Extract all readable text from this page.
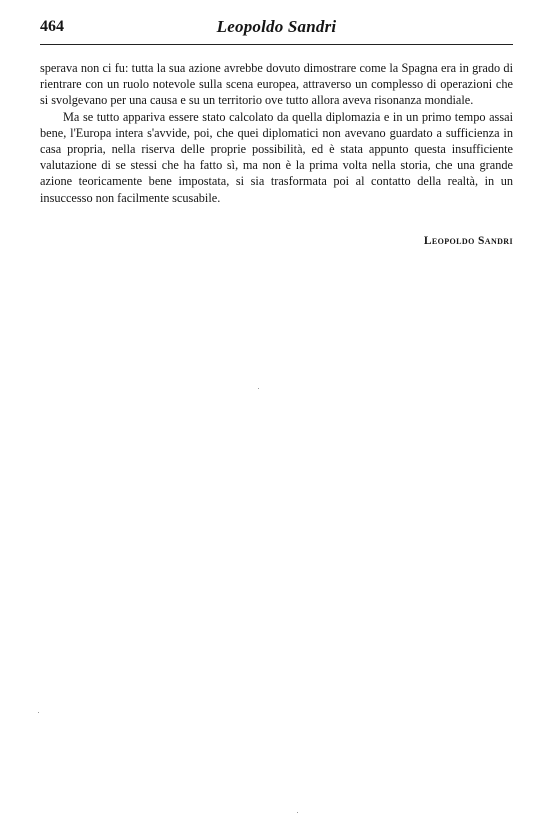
464	Leopoldo Sandri

sperava non ci fu: tutta la sua azione avrebbe dovuto dimostrare come la Spagna era in grado di rientrare con un ruolo notevole sulla scena europea, attraverso un complesso di operazioni che si svolgevano per una causa e su un territorio ove tutto allora aveva risonanza mondiale.

Ma se tutto appariva essere stato calcolato da quella diplomazia e in un primo tempo assai bene, l'Europa intera s'avvide, poi, che quei diplomatici non avevano guardato a sufficienza in casa propria, nella riserva delle proprie possibilità, ed è stata appunto questa insufficiente valutazione di se stessi che ha fatto sì, ma non è la prima volta nella storia, che una grande azione teoricamente bene impostata, si sia trasformata poi al contatto della realtà, in un insuccesso non facilmente scusabile.

Leopoldo Sandri
